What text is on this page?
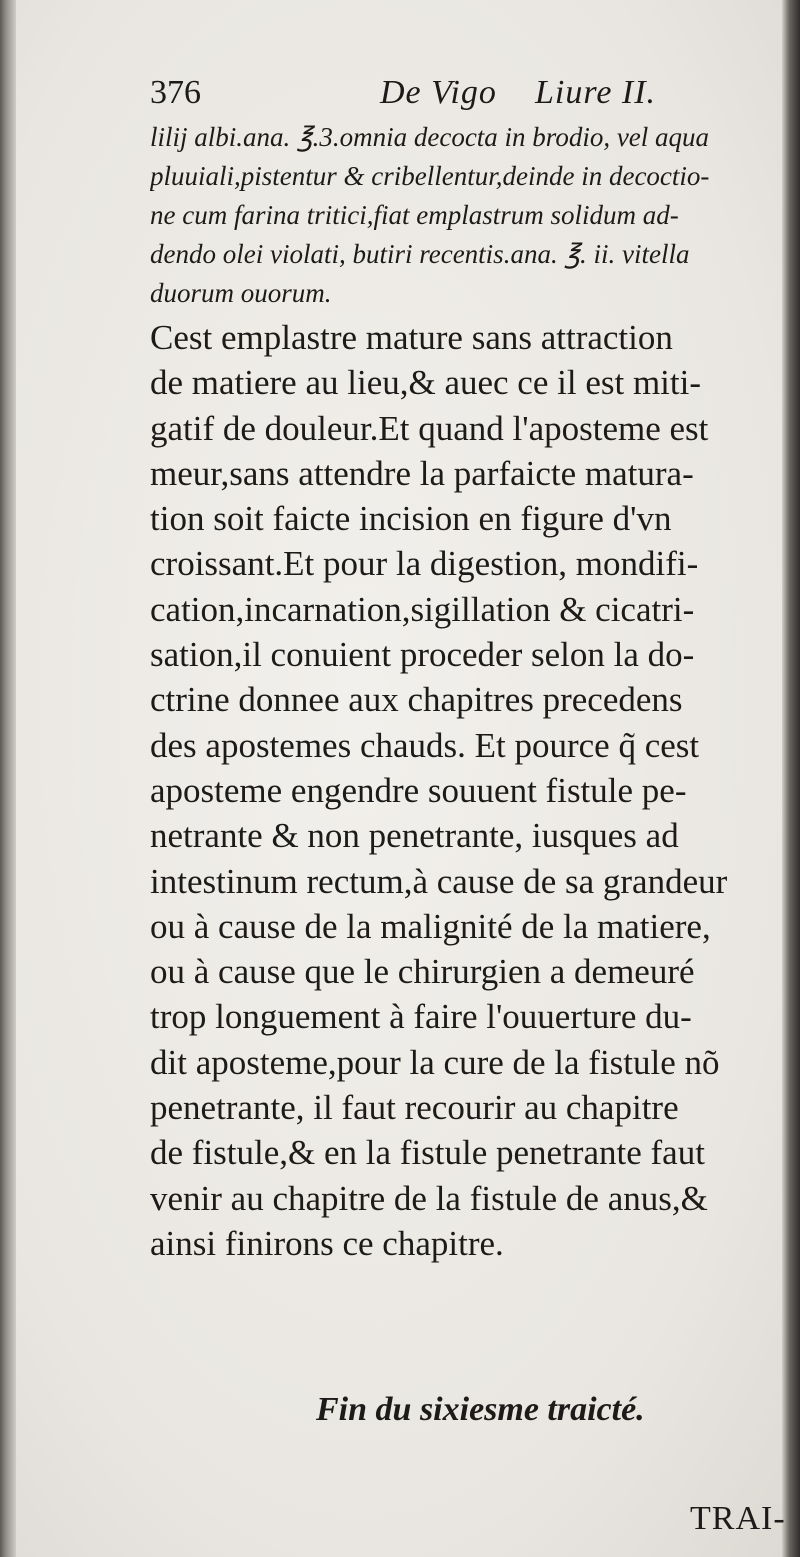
376	De Vigo Liure II.
lilij albi.ana. ℥.3.omnia decocta in brodio, vel aqua
pluuiali,pistentur & cribellentur,deinde in decoctio-
ne cum farina tritici,fiat emplastrum solidum ad-
dendo olei violati, butiri recentis.ana. ℥. ii. vitella
duorum ouorum.
Cest emplastre mature sans attraction
de matiere au lieu,& auec ce il est miti-
gatif de douleur.Et quand l'aposteme est
meur,sans attendre la parfaicte matura-
tion soit faicte incision en figure d'vn
croissant.Et pour la digestion, mondifi-
cation,incarnation,sigillation & cicatri-
sation,il conuient proceder selon la do-
ctrine donnee aux chapitres precedens
des apostemes chauds. Et pource q̃ cest
aposteme engendre souuent fistule pe-
netrante & non penetrante, iusques ad
intestinum rectum,à cause de sa grandeur
ou à cause de la malignité de la matiere,
ou à cause que le chirurgien a demeuré
trop longuement à faire l'ouuerture du-
dit aposteme,pour la cure de la fistule nõ
penetrante, il faut recourir au chapitre
de fistule,& en la fistule penetrante faut
venir au chapitre de la fistule de anus,&
ainsi finirons ce chapitre.
Fin du sixiesme traicté.
TRAI-
